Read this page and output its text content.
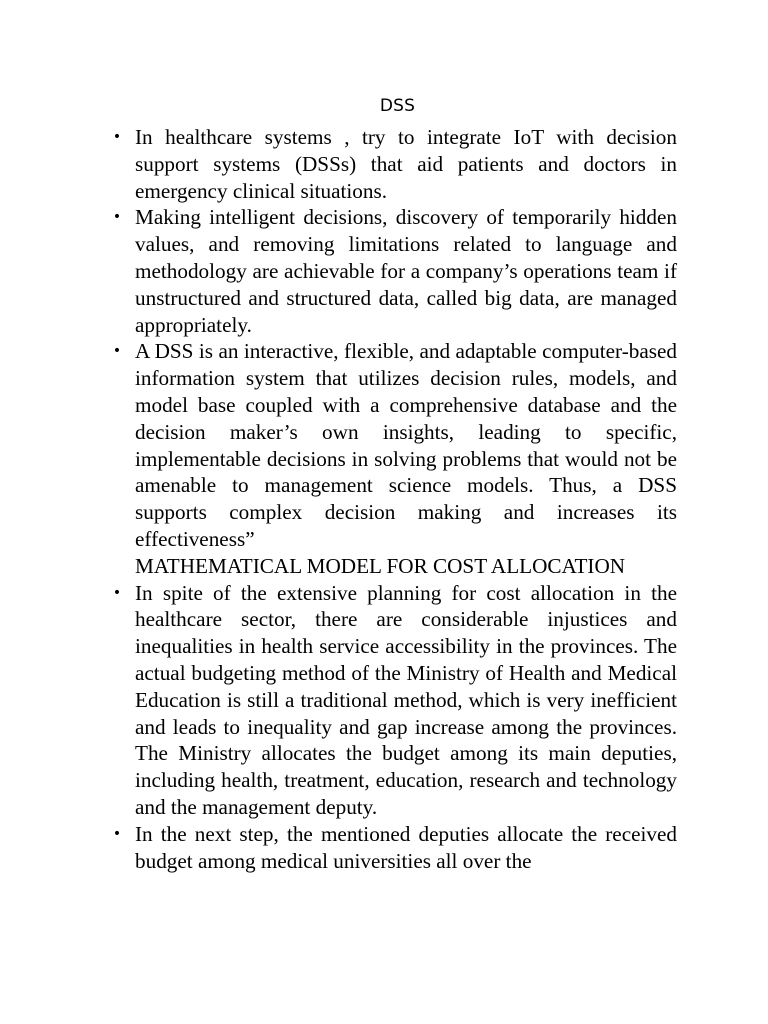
DSS
• In healthcare systems , try to integrate IoT with decision support systems (DSSs) that aid patients and doctors in emergency clinical situations.
• Making intelligent decisions, discovery of temporarily hidden values, and removing limitations related to language and methodology are achievable for a company’s operations team if unstructured and structured data, called big data, are managed appropriately.
• A DSS is an interactive, flexible, and adaptable computer-based information system that utilizes decision rules, models, and model base coupled with a comprehensive database and the decision maker’s own insights, leading to specific, implementable decisions in solving problems that would not be amenable to management science models. Thus, a DSS supports complex decision making and increases its effectiveness”
MATHEMATICAL MODEL FOR COST ALLOCATION
• In spite of the extensive planning for cost allocation in the healthcare sector, there are considerable injustices and inequalities in health service accessibility in the provinces. The actual budgeting method of the Ministry of Health and Medical Education is still a traditional method, which is very inefficient and leads to inequality and gap increase among the provinces. The Ministry allocates the budget among its main deputies, including health, treatment, education, research and technology and the management deputy.
• In the next step, the mentioned deputies allocate the received budget among medical universities all over the
